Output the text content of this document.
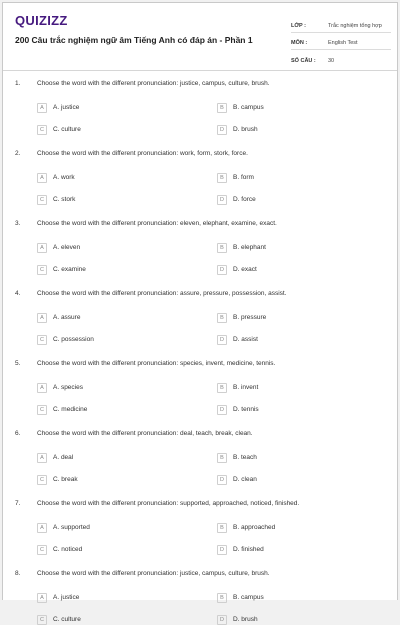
QUIZIZZ
200 Câu trắc nghiệm ngữ âm Tiếng Anh có đáp án - Phần 1
LỚP :	Trắc nghiệm tổng hợp
MÔN :	English Test
SỐ CÂU :	30
1.	Choose the word with the different pronunciation: justice, campus, culture, brush.
A	A. justice	B	B. campus
C	C. culture	D	D. brush
2.	Choose the word with the different pronunciation: work, form, stork, force.
A	A. work	B	B. form
C	C. stork	D	D. force
3.	Choose the word with the different pronunciation: eleven, elephant, examine, exact.
A	A. eleven	B	B. elephant
C	C. examine	D	D. exact
4.	Choose the word with the different pronunciation: assure, pressure, possession, assist.
A	A. assure	B	B. pressure
C	C. possession	D	D. assist
5.	Choose the word with the different pronunciation: species, invent, medicine, tennis.
A	A. species	B	B. invent
C	C. medicine	D	D. tennis
6.	Choose the word with the different pronunciation: deal, teach, break, clean.
A	A. deal	B	B. teach
C	C. break	D	D. clean
7.	Choose the word with the different pronunciation: supported, approached, noticed, finished.
A	A. supported	B	B. approached
C	C. noticed	D	D. finished
8.	Choose the word with the different pronunciation: justice, campus, culture, brush.
A	A. justice	B	B. campus
C	C. culture	D	D. brush
